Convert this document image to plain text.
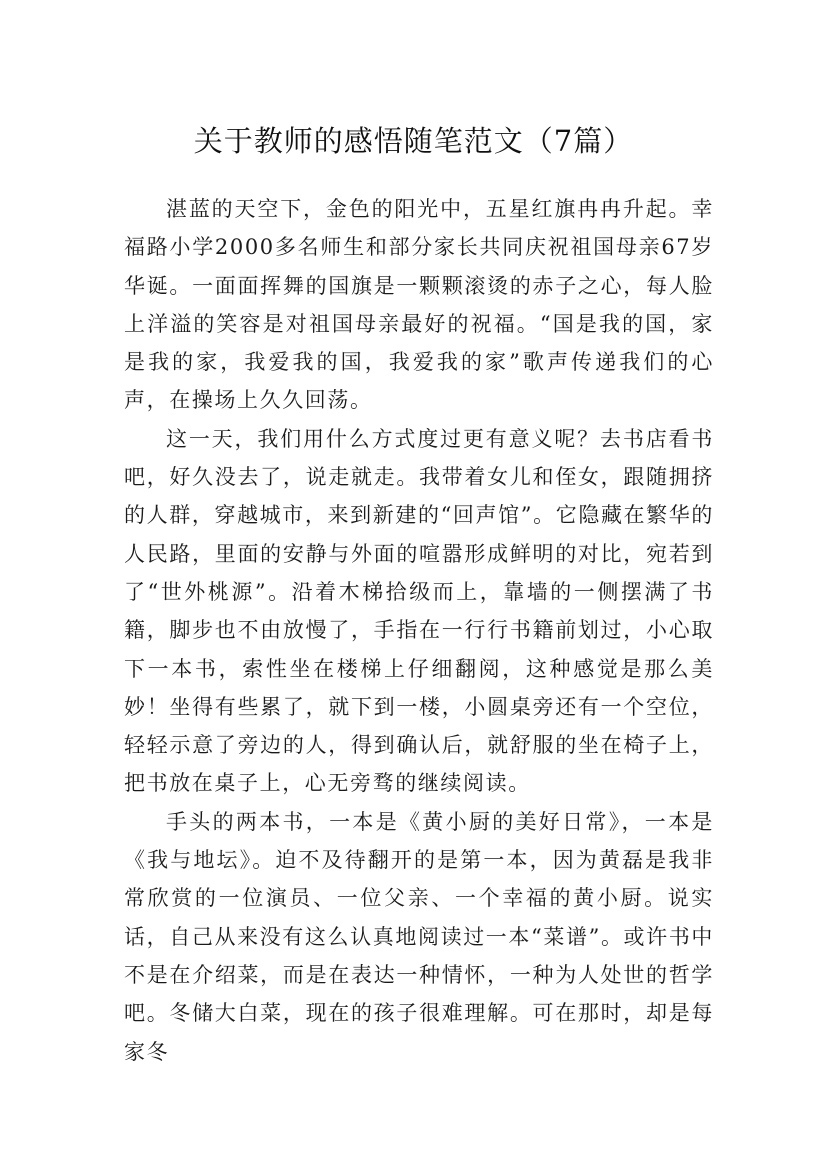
关于教师的感悟随笔范文（7篇）

湛蓝的天空下，金色的阳光中，五星红旗冉冉升起。幸福路小学2000多名师生和部分家长共同庆祝祖国母亲67岁华诞。一面面挥舞的国旗是一颗颗滚烫的赤子之心，每人脸上洋溢的笑容是对祖国母亲最好的祝福。“国是我的国，家是我的家，我爱我的国，我爱我的家”歌声传递我们的心声，在操场上久久回荡。

这一天，我们用什么方式度过更有意义呢？去书店看书吧，好久没去了，说走就走。我带着女儿和侄女，跟随拥挤的人群，穿越城市，来到新建的“回声馆”。它隐藏在繁华的人民路，里面的安静与外面的喧嚣形成鲜明的对比，宛若到了“世外桃源”。沿着木梯拾级而上，靠墙的一侧摆满了书籍，脚步也不由放慢了，手指在一行行书籍前划过，小心取下一本书，索性坐在楼梯上仔细翻阅，这种感觉是那么美妙！坐得有些累了，就下到一楼，小圆桌旁还有一个空位，轻轻示意了旁边的人，得到确认后，就舒服的坐在椅子上，把书放在桌子上，心无旁骛的继续阅读。

手头的两本书，一本是《黄小厨的美好日常》，一本是《我与地坛》。迫不及待翻开的是第一本，因为黄磊是我非常欣赏的一位演员、一位父亲、一个幸福的黄小厨。说实话，自己从来没有这么认真地阅读过一本“菜谱”。或许书中不是在介绍菜，而是在表达一种情怀，一种为人处世的哲学吧。冬储大白菜，现在的孩子很难理解。可在那时，却是每家冬
